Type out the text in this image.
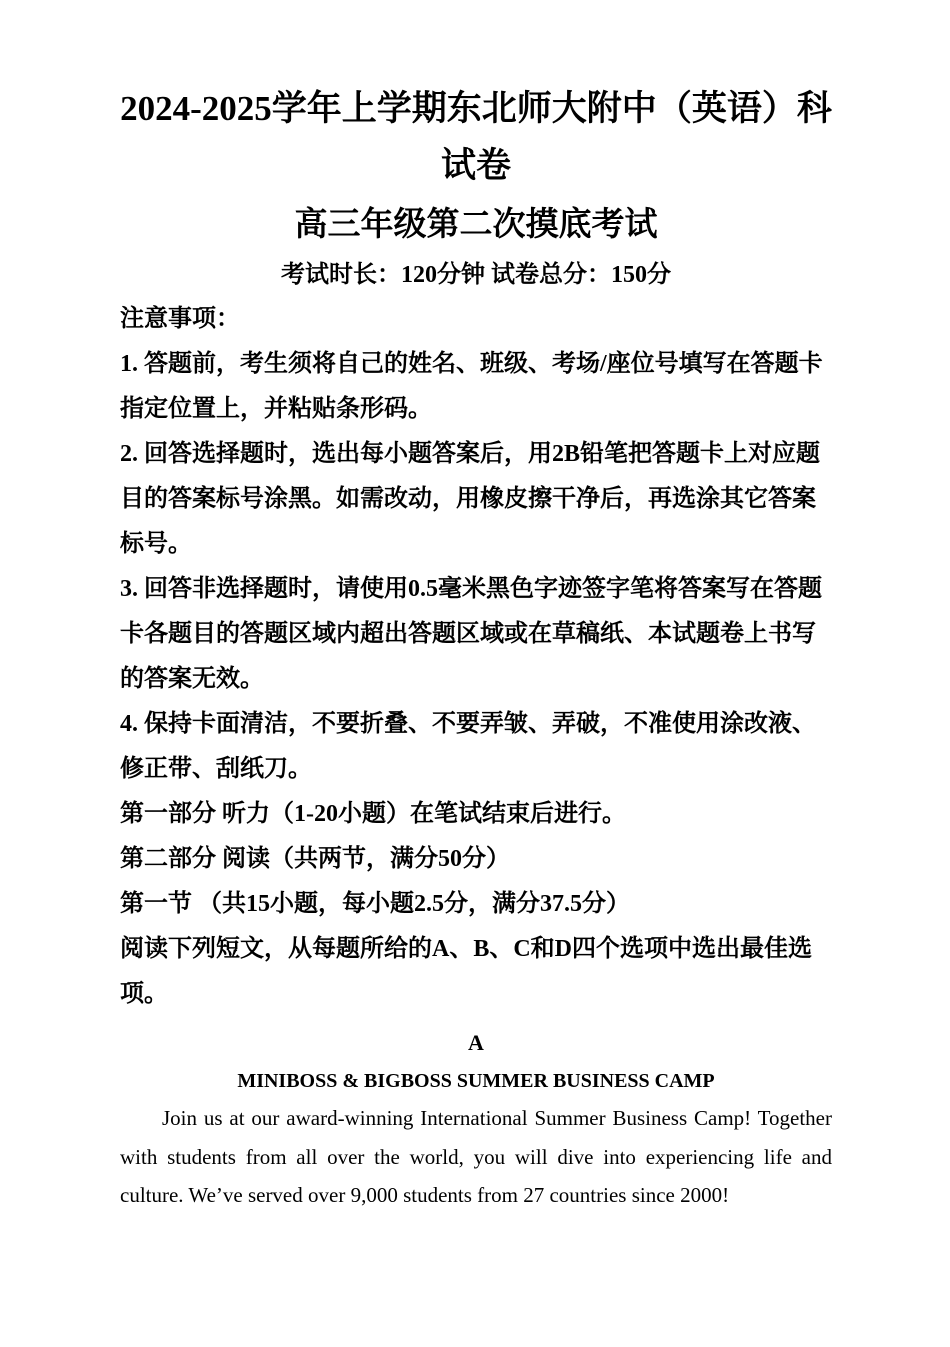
2024-2025学年上学期东北师大附中（英语）科
试卷
高三年级第二次摸底考试
考试时长：120分钟 试卷总分：150分

注意事项：

1. 答题前，考生须将自己的姓名、班级、考场/座位号填写在答题卡指定位置上，并粘贴条形码。

2. 回答选择题时，选出每小题答案后，用2B铅笔把答题卡上对应题目的答案标号涂黑。如需改动，用橡皮擦干净后，再选涂其它答案标号。

3. 回答非选择题时，请使用0.5毫米黑色字迹签字笔将答案写在答题卡各题目的答题区域内超出答题区域或在草稿纸、本试题卷上书写的答案无效。

4. 保持卡面清洁，不要折叠、不要弄皱、弄破，不准使用涂改液、修正带、刮纸刀。

第一部分 听力（1-20小题）在笔试结束后进行。

第二部分 阅读（共两节，满分50分）

第一节 （共15小题，每小题2.5分，满分37.5分）

阅读下列短文，从每题所给的A、B、C和D四个选项中选出最佳选项。

A
MINIBOSS & BIGBOSS SUMMER BUSINESS CAMP

Join us at our award-winning International Summer Business Camp! Together with students from all over the world, you will dive into experiencing life and culture. We’ve served over 9,000 students from 27 countries since 2000!
